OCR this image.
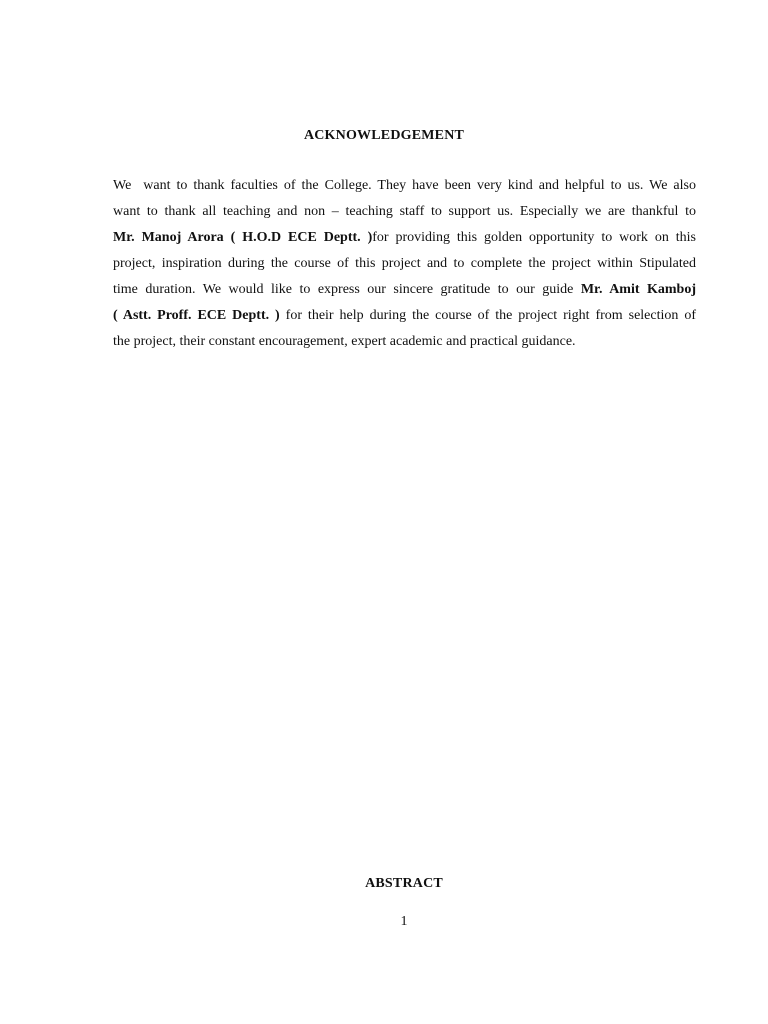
ACKNOWLEDGEMENT
We  want to thank faculties of the College. They have been very kind and helpful to us. We also
want to thank all teaching and non – teaching staff to support us. Especially we are thankful to
Mr. Manoj Arora ( H.O.D ECE Deptt. )for providing this golden opportunity to work on this
project, inspiration during the course of this project and to complete the project within Stipulated
time duration. We would like to express our sincere gratitude to our guide Mr. Amit Kamboj
( Astt. Proff. ECE Deptt. ) for their help during the course of the project right from selection of
the project, their constant encouragement, expert academic and practical guidance.
ABSTRACT
1
